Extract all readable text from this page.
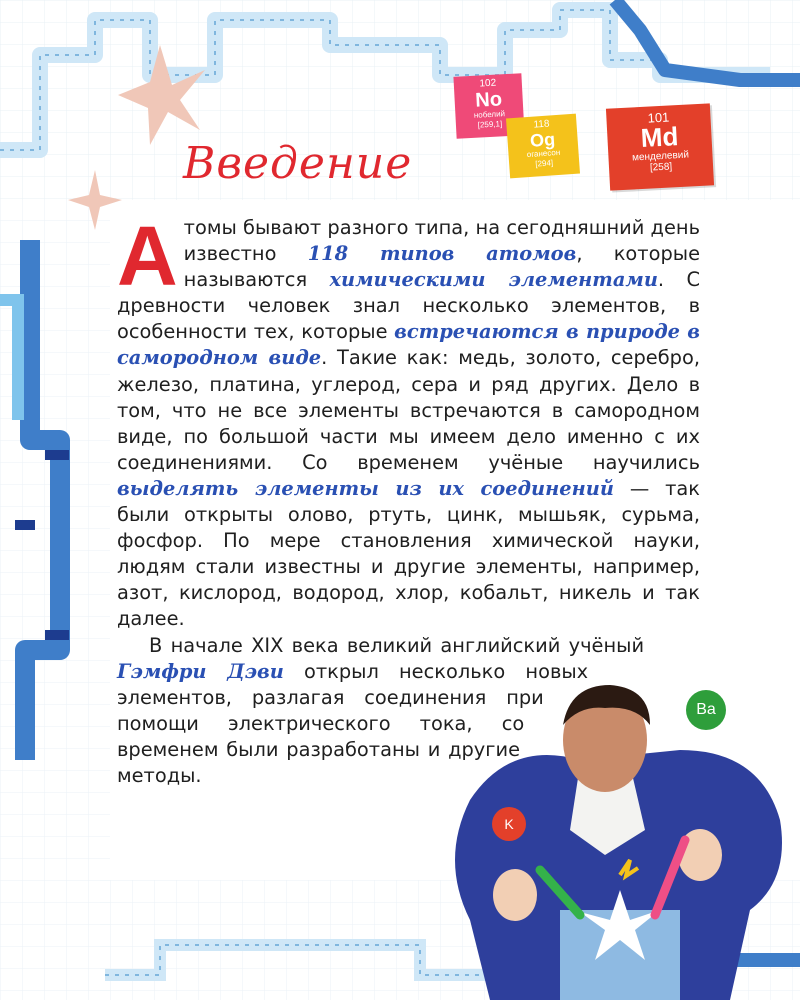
Введение
102
No
нобелий
[259,1]	118
Og
оганесон
[294]
101
Md
менделевий
[258]
Ba
K

Атомы бывают разного типа, на сегодняшний день известно 118 типов атомов, которые называются химическими элементами. С древности человек знал несколько элементов, в особенности тех, которые встречаются в природе в самородном виде. Такие как: медь, золото, серебро, железо, платина, углерод, сера и ряд других. Дело в том, что не все элементы встречаются в самородном виде, по большой части мы имеем дело именно с их соединениями. Со временем учёные научились выделять элементы из их соединений — так были открыты олово, ртуть, цинк, мышьяк, сурьма, фосфор. По мере становления химической науки, людям стали известны и другие элементы, например, азот, кислород, водород, хлор, кобальт, никель и так далее.

В начале XIX века великий английский учёный Гэмфри Дэви открыл несколько новых элементов, разлагая соединения при помощи электрического тока, со временем были разработаны и другие методы.
